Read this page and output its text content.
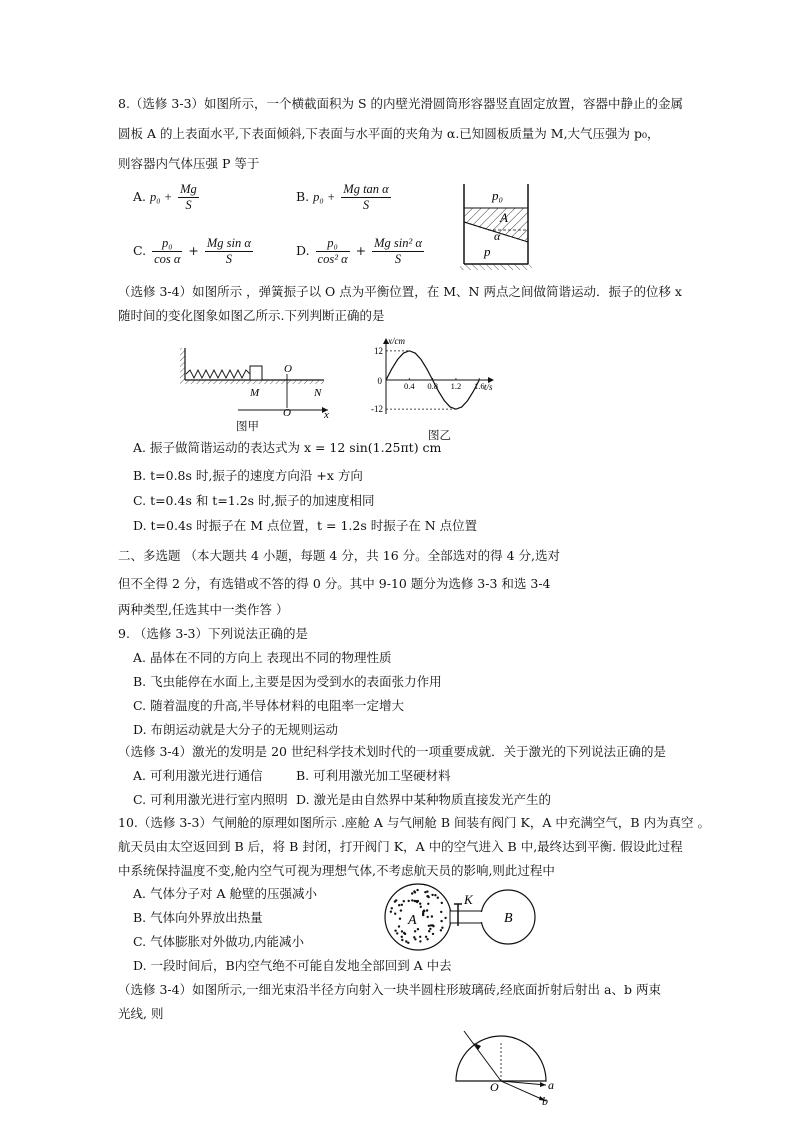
8.（选修 3-3）如图所示，一个横截面积为 S 的内壁光滑圆筒形容器竖直固定放置，容器中静止的金属
圆板 A 的上表面水平,下表面倾斜,下表面与水平面的夹角为 α.已知圆板质量为 M,大气压强为 p₀，
则容器内气体压强 P 等于
A. $p_0 + \frac{Mg}{S}$	B. $p_0 + \frac{\text{Mg tan α}}{S}$
C. $\frac{\text{p₀}}{\text{cos α}} + \frac{\text{Mg sin α}}{S}$	D. $\frac{\text{p₀}}{\text{cos² α}} + \frac{\text{Mg sin² α}}{S}$
p₀
A
α
p
（选修 3-4）如图所示 ，弹簧振子以 O 点为平衡位置，在 M、N 两点之间做简谐运动．振子的位移 x
随时间的变化图象如图乙所示.下列判断正确的是
O
M
O
N
x
图甲
12
-12
0.4 0.8 1.2 1.6
0
x/cm
t/s
图乙
A. 振子做简谐运动的表达式为 x = 12 sin(1.25πt) cm
B. t=0.8s 时,振子的速度方向沿 +x 方向
C. t=0.4s 和 t=1.2s 时,振子的加速度相同
D. t=0.4s 时振子在 M 点位置，t = 1.2s 时振子在 N 点位置
二、多选题 （本大题共 4 小题，每题 4 分，共 16 分。全部选对的得 4 分,选对
但不全得 2 分，有选错或不答的得 0 分。其中 9-10 题分为选修 3-3 和选 3-4
两种类型,任选其中一类作答 ）
9. （选修 3-3）下列说法正确的是
A. 晶体在不同的方向上 表现出不同的物理性质
B. 飞虫能停在水面上,主要是因为受到水的表面张力作用
C. 随着温度的升高,半导体材料的电阻率一定增大
D. 布朗运动就是大分子的无规则运动
（选修 3-4）激光的发明是 20 世纪科学技术划时代的一项重要成就．关于激光的下列说法正确的是
A. 可利用激光进行通信	B. 可利用激光加工坚硬材料
C. 可利用激光进行室内照明 D. 激光是由自然界中某种物质直接发光产生的
10.（选修 3-3）气闸舱的原理如图所示 .座舱 A 与气闸舱 B 间装有阀门 K，A 中充满空气，B 内为真空 。
航天员由太空返回到 B 后，将 B 封闭，打开阀门 K，A 中的空气进入 B 中,最终达到平衡. 假设此过程
中系统保持温度不变,舱内空气可视为理想气体,不考虑航天员的影响,则此过程中
A. 气体分子对 A 舱壁的压强减小
B. 气体向外界放出热量
C. 气体膨胀对外做功,内能减小
D. 一段时间后，B内空气绝不可能自发地全部回到 A 中去
A
K
B
（选修 3-4）如图所示,一细光束沿半径方向射入一块半圆柱形玻璃砖,经底面折射后射出 a、b 两束
光线, 则
O	a
b
